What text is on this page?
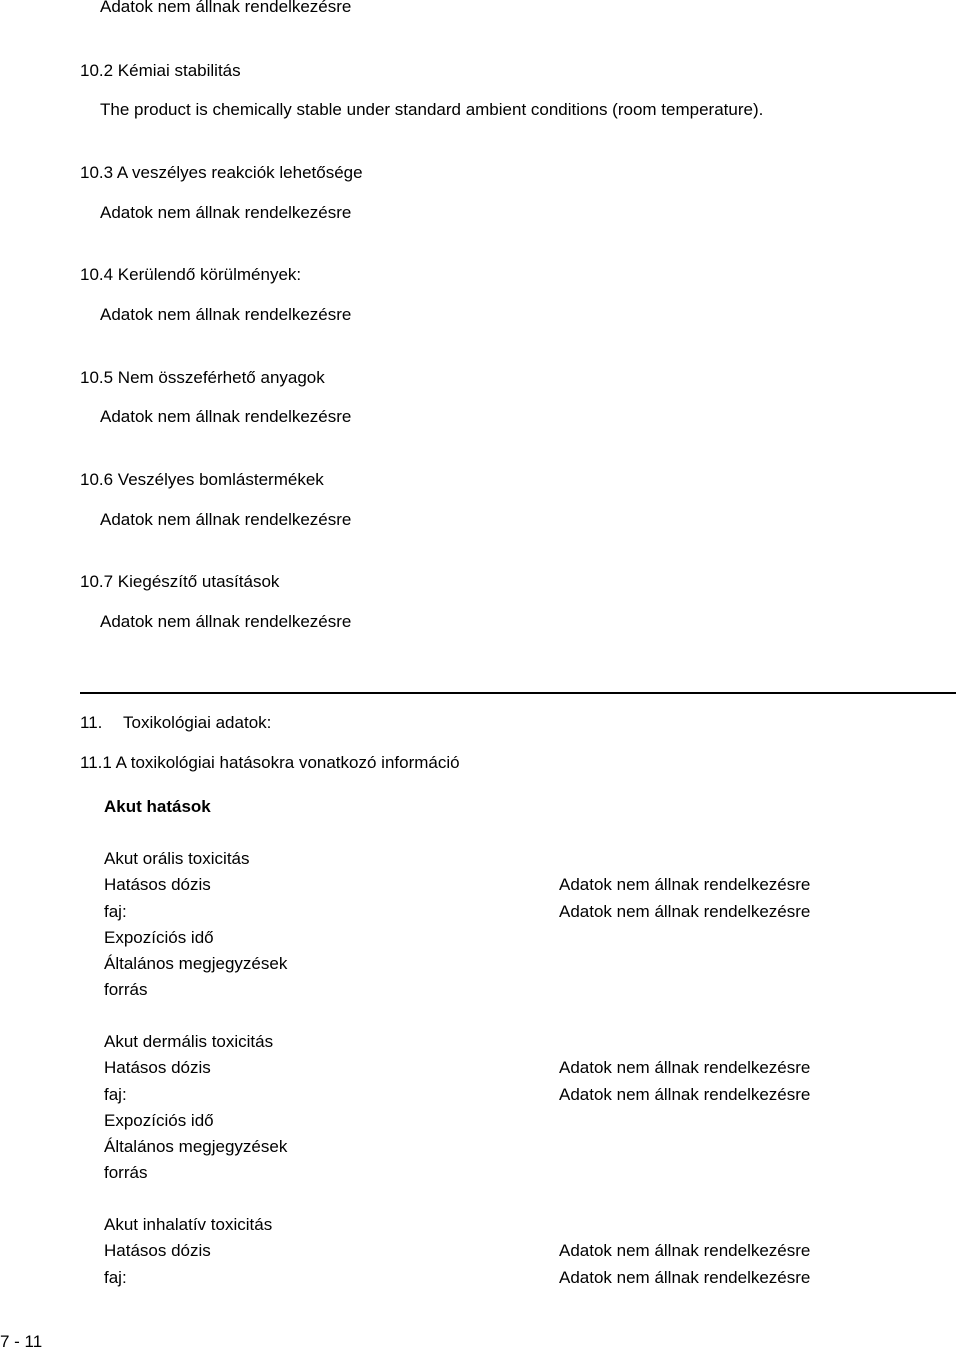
Adatok nem állnak rendelkezésre
10.2 Kémiai stabilitás
The product is chemically stable under standard ambient conditions (room temperature).
10.3 A veszélyes reakciók lehetősége
Adatok nem állnak rendelkezésre
10.4 Kerülendő körülmények:
Adatok nem állnak rendelkezésre
10.5 Nem összeférhető anyagok
Adatok nem állnak rendelkezésre
10.6 Veszélyes bomlástermékek
Adatok nem állnak rendelkezésre
10.7 Kiegészítő utasítások
Adatok nem állnak rendelkezésre
11. Toxikológiai adatok:
11.1 A toxikológiai hatásokra vonatkozó információ
Akut hatások
Akut orális toxicitás
Hatásos dózis	Adatok nem állnak rendelkezésre
faj:	Adatok nem állnak rendelkezésre
Expozíciós idő
Általános megjegyzések
forrás
Akut dermális toxicitás
Hatásos dózis	Adatok nem állnak rendelkezésre
faj:	Adatok nem állnak rendelkezésre
Expozíciós idő
Általános megjegyzések
forrás
Akut inhalatív toxicitás
Hatásos dózis	Adatok nem állnak rendelkezésre
faj:	Adatok nem állnak rendelkezésre
7 - 11
